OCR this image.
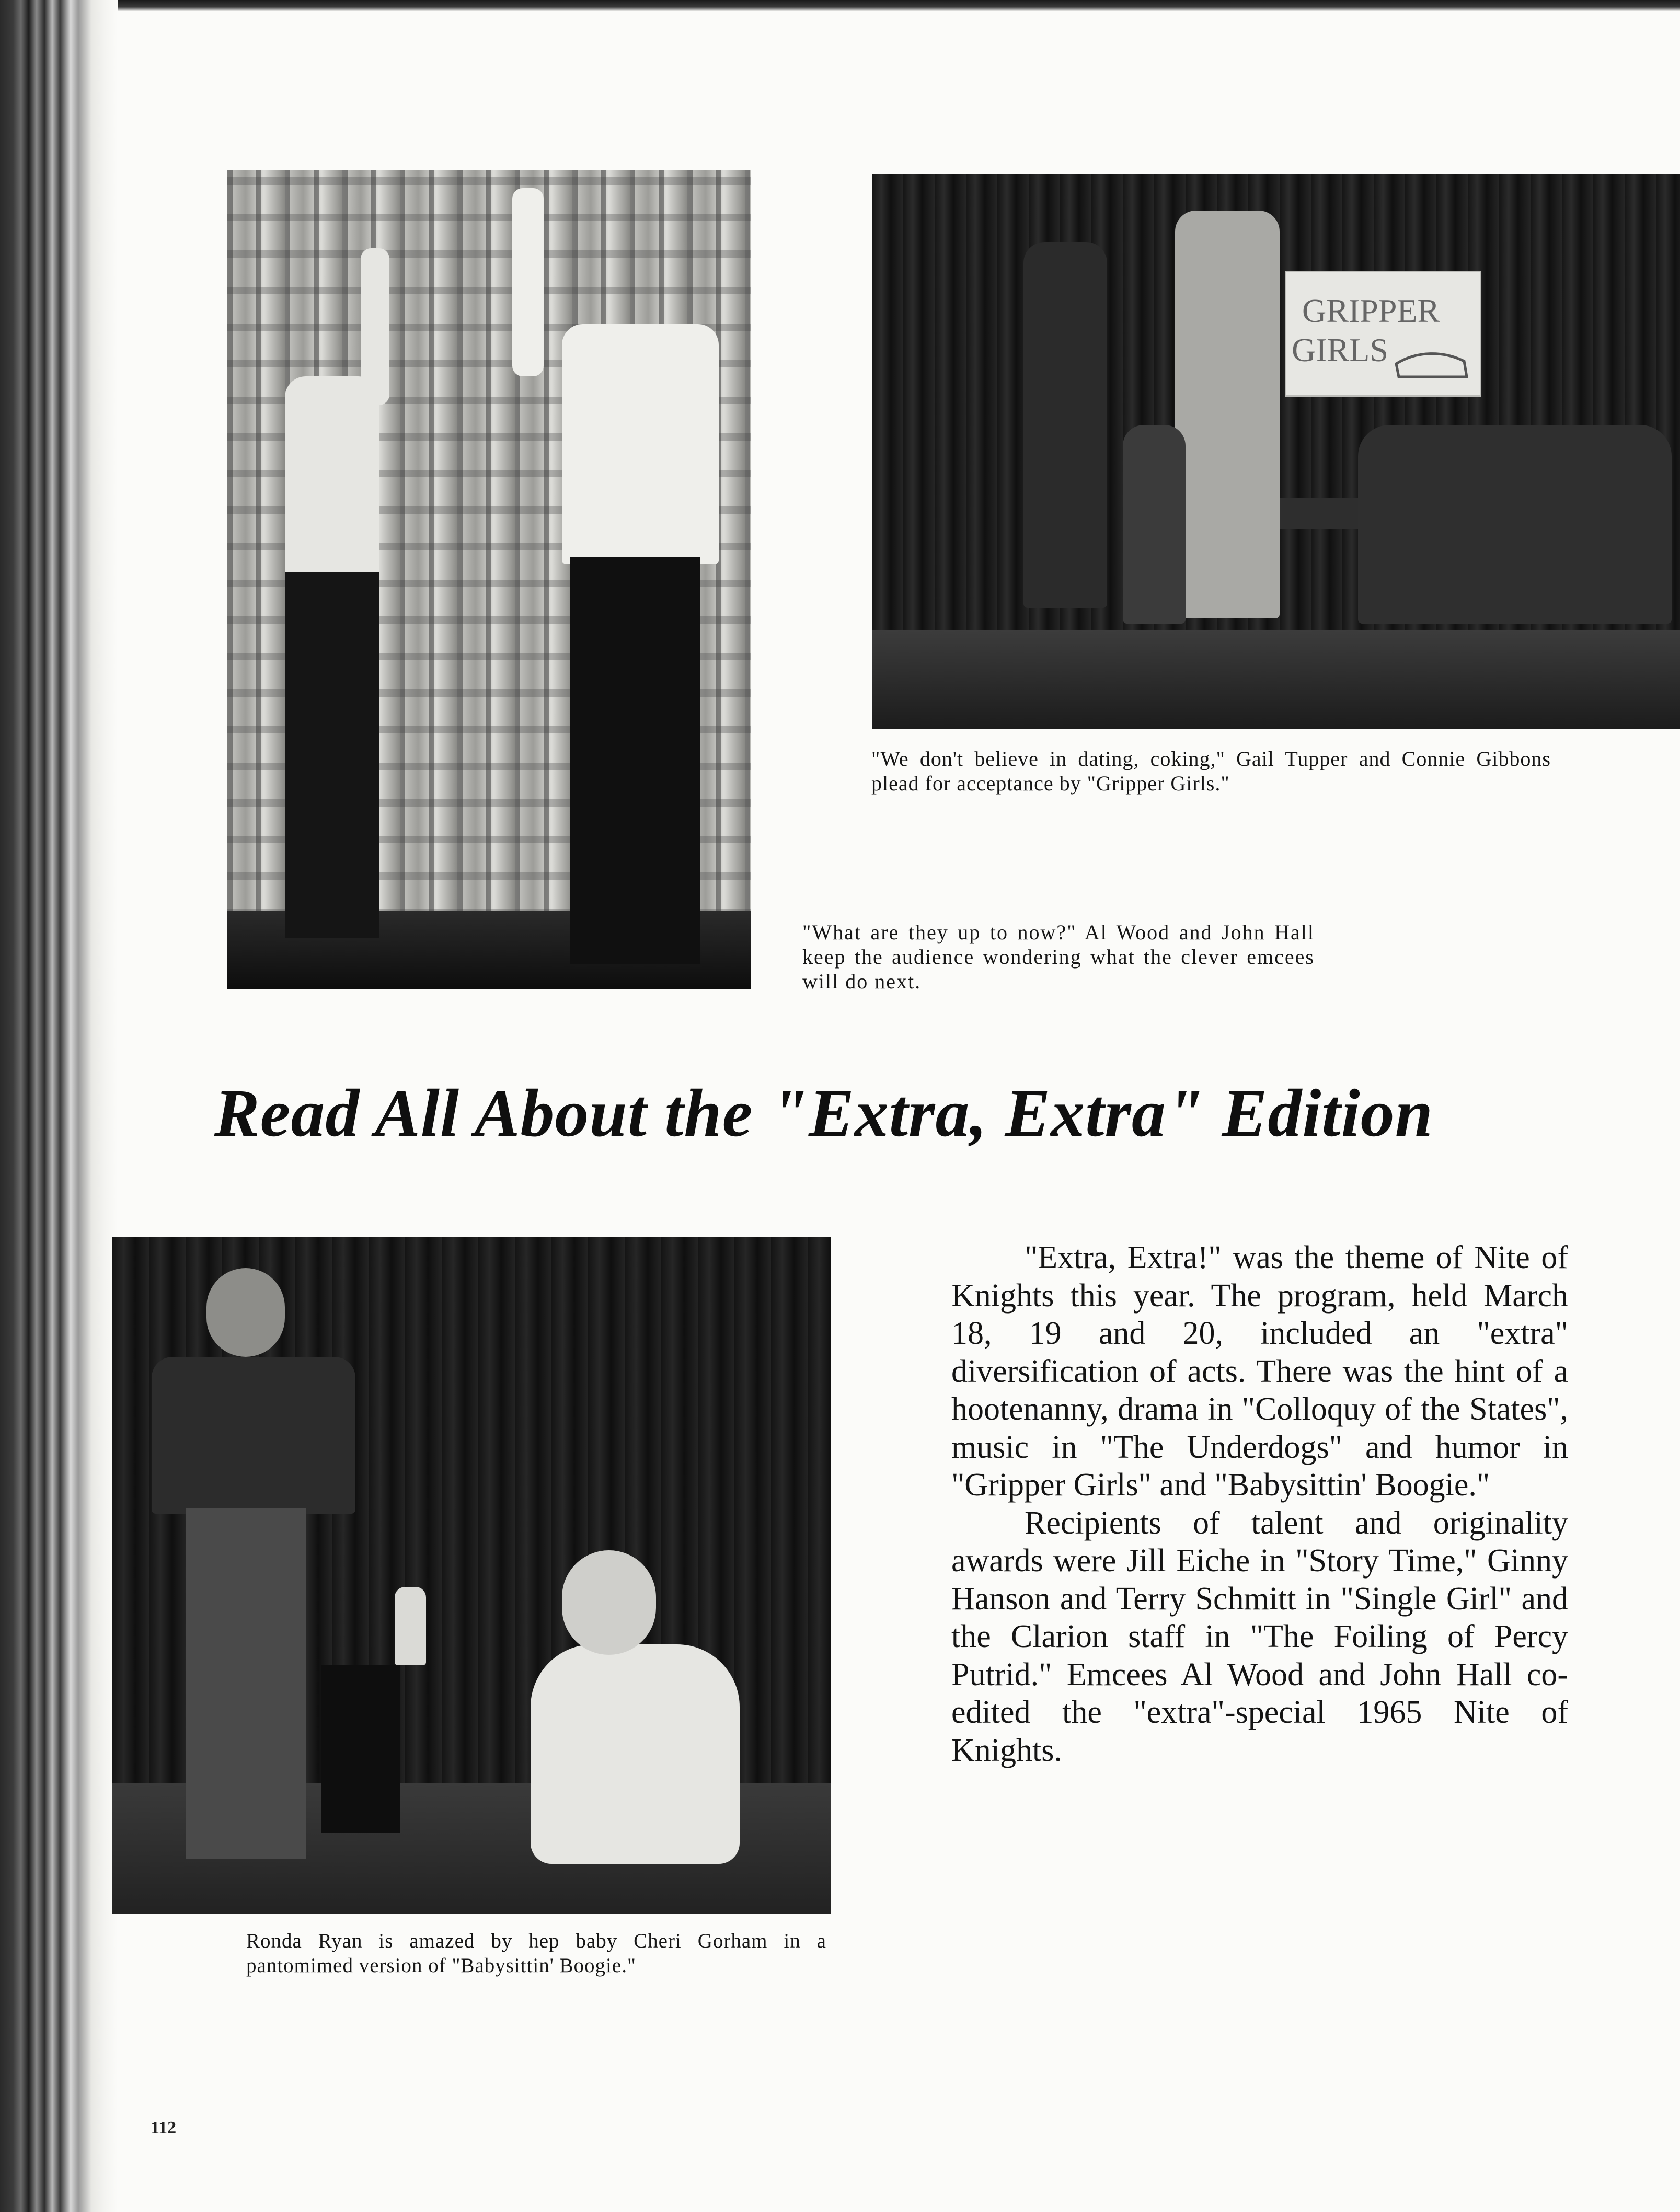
GRIPPER
GIRLS

"We don't believe in dating, coking," Gail Tupper and Connie Gibbons plead for acceptance by "Gripper Girls."

"What are they up to now?" Al Wood and John Hall keep the audience wondering what the clever emcees will do next.

Read All About the "Extra, Extra" Edition

Ronda Ryan is amazed by hep baby Cheri Gorham in a pantomimed version of "Babysittin' Boogie."

"Extra, Extra!" was the theme of Nite of Knights this year. The program, held March 18, 19 and 20, included an "extra" diversification of acts. There was the hint of a hootenanny, drama in "Colloquy of the States", music in "The Underdogs" and humor in "Gripper Girls" and "Babysittin' Boogie."

Recipients of talent and originality awards were Jill Eiche in "Story Time," Ginny Hanson and Terry Schmitt in "Single Girl" and the Clarion staff in "The Foiling of Percy Putrid." Emcees Al Wood and John Hall co-edited the "extra"-special 1965 Nite of Knights.

112
